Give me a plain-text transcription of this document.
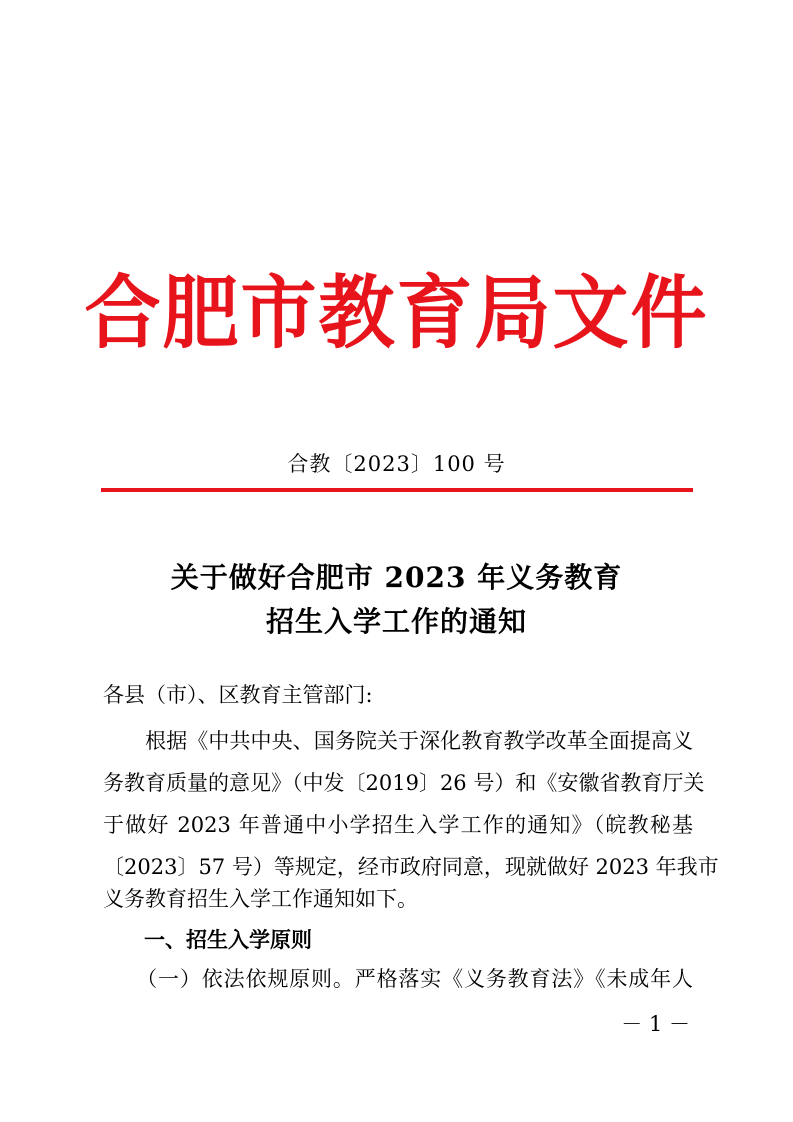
合肥市教育局文件
合教〔2023〕100 号
关于做好合肥市 2023 年义务教育
招生入学工作的通知
各县（市）、区教育主管部门:
　　根据《中共中央、国务院关于深化教育教学改革全面提高义
务教育质量的意见》（中发〔2019〕26 号）和《安徽省教育厅关
于做好 2023 年普通中小学招生入学工作的通知》（皖教秘基
〔2023〕57 号）等规定，经市政府同意，现就做好 2023 年我市
义务教育招生入学工作通知如下。
一、招生入学原则
　　（一）依法依规原则。严格落实《义务教育法》《未成年人
－ 1 －
